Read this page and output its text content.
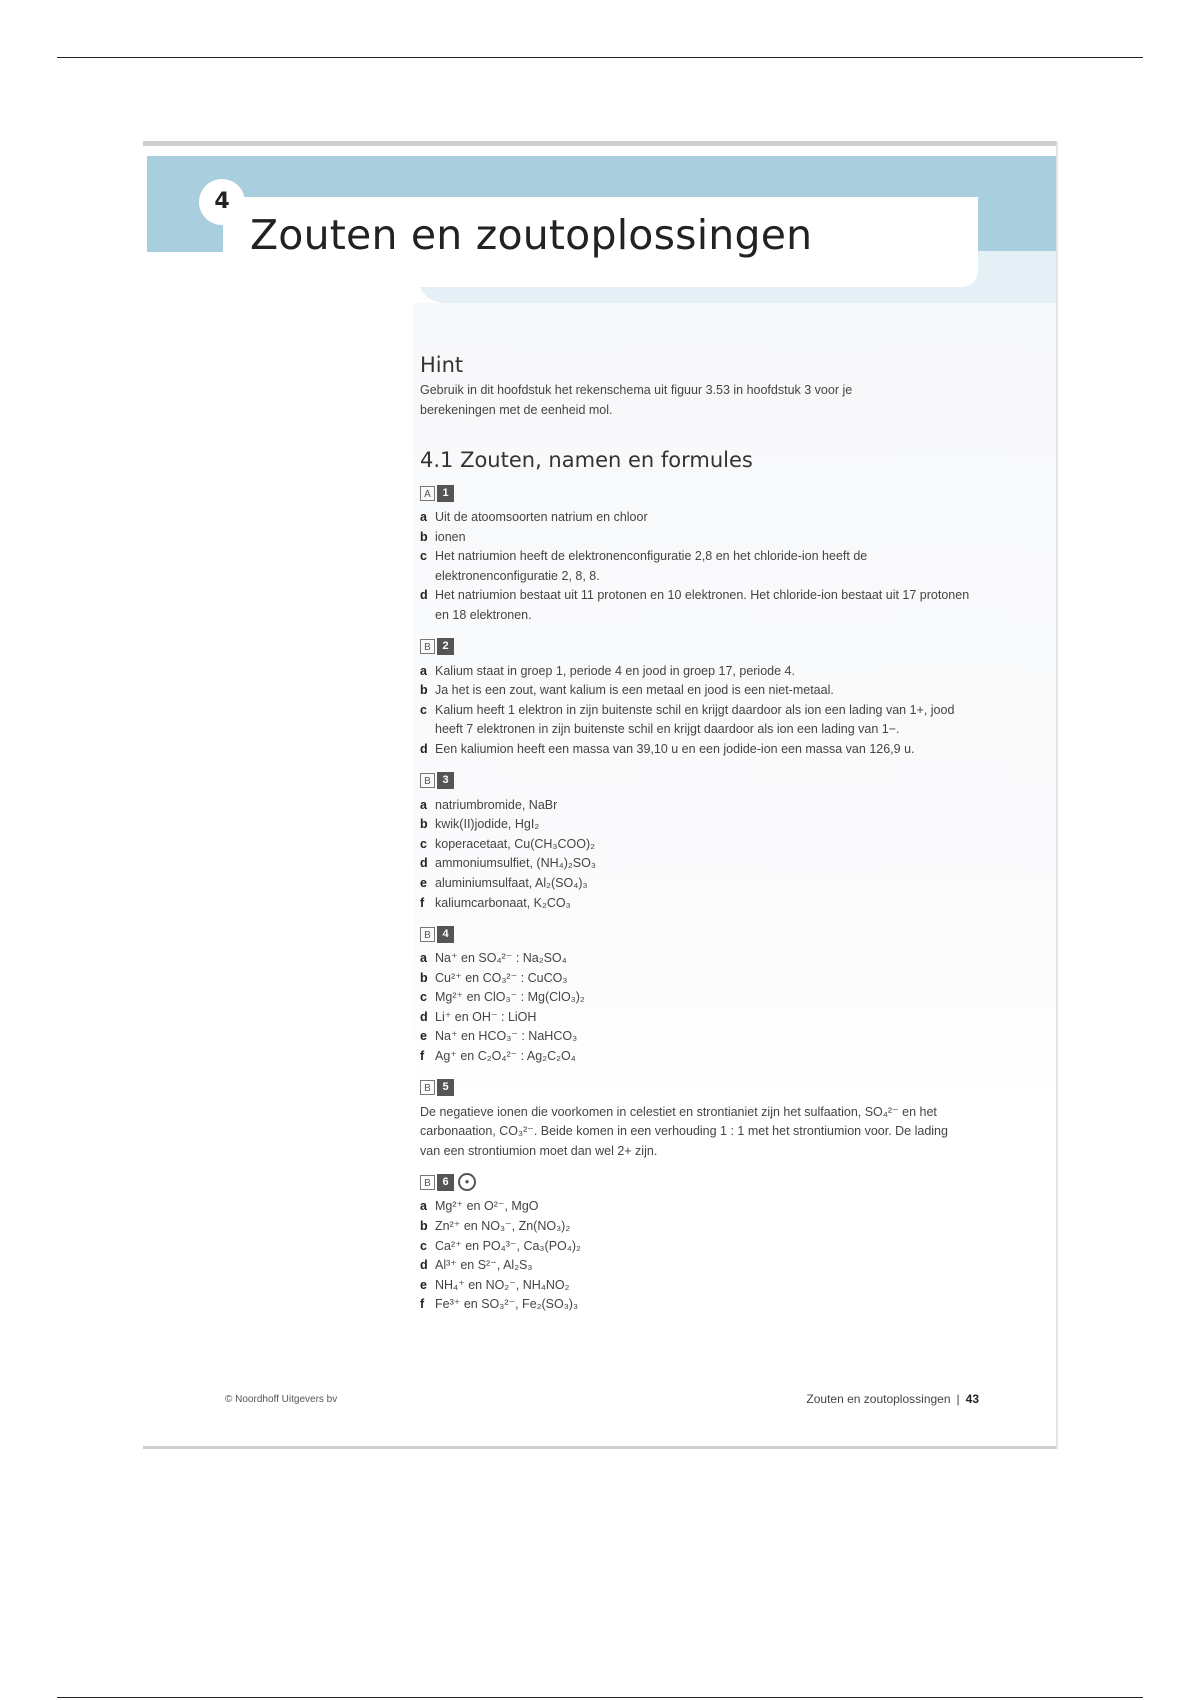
4
Zouten en zoutoplossingen
Hint
Gebruik in dit hoofdstuk het rekenschema uit figuur 3.53 in hoofdstuk 3 voor je berekeningen met de eenheid mol.
4.1 Zouten, namen en formules
A	1
a Uit de atoomsoorten natrium en chloor
b ionen
c Het natriumion heeft de elektronenconfiguratie 2,8 en het chloride-ion heeft de elektronenconfiguratie 2, 8, 8.
d Het natriumion bestaat uit 11 protonen en 10 elektronen. Het chloride-ion bestaat uit 17 protonen en 18 elektronen.
B	2
a Kalium staat in groep 1, periode 4 en jood in groep 17, periode 4.
b Ja het is een zout, want kalium is een metaal en jood is een niet-metaal.
c Kalium heeft 1 elektron in zijn buitenste schil en krijgt daardoor als ion een lading van 1+, jood heeft 7 elektronen in zijn buitenste schil en krijgt daardoor als ion een lading van 1−.
d Een kaliumion heeft een massa van 39,10 u en een jodide-ion een massa van 126,9 u.
B	3
a natriumbromide, NaBr
b kwik(II)jodide, HgI₂
c koperacetaat, Cu(CH₃COO)₂
d ammoniumsulfiet, (NH₄)₂SO₃
e aluminiumsulfaat, Al₂(SO₄)₃
f kaliumcarbonaat, K₂CO₃
B	4
a Na⁺ en SO₄²⁻ : Na₂SO₄
b Cu²⁺ en CO₃²⁻ : CuCO₃
c Mg²⁺ en ClO₃⁻ : Mg(ClO₃)₂
d Li⁺ en OH⁻ : LiOH
e Na⁺ en HCO₃⁻ : NaHCO₃
f Ag⁺ en C₂O₄²⁻ : Ag₂C₂O₄
B	5
De negatieve ionen die voorkomen in celestiet en strontianiet zijn het sulfaation, SO₄²⁻ en het carbonaation, CO₃²⁻. Beide komen in een verhouding 1 : 1 met het strontiumion voor. De lading van een strontiumion moet dan wel 2+ zijn.
B	6	●
a Mg²⁺ en O²⁻, MgO
b Zn²⁺ en NO₃⁻, Zn(NO₃)₂
c Ca²⁺ en PO₄³⁻, Ca₃(PO₄)₂
d Al³⁺ en S²⁻, Al₂S₃
e NH₄⁺ en NO₂⁻, NH₄NO₂
f Fe³⁺ en SO₃²⁻, Fe₂(SO₃)₃
© Noordhoff Uitgevers bv	Zouten en zoutoplossingen | 43
